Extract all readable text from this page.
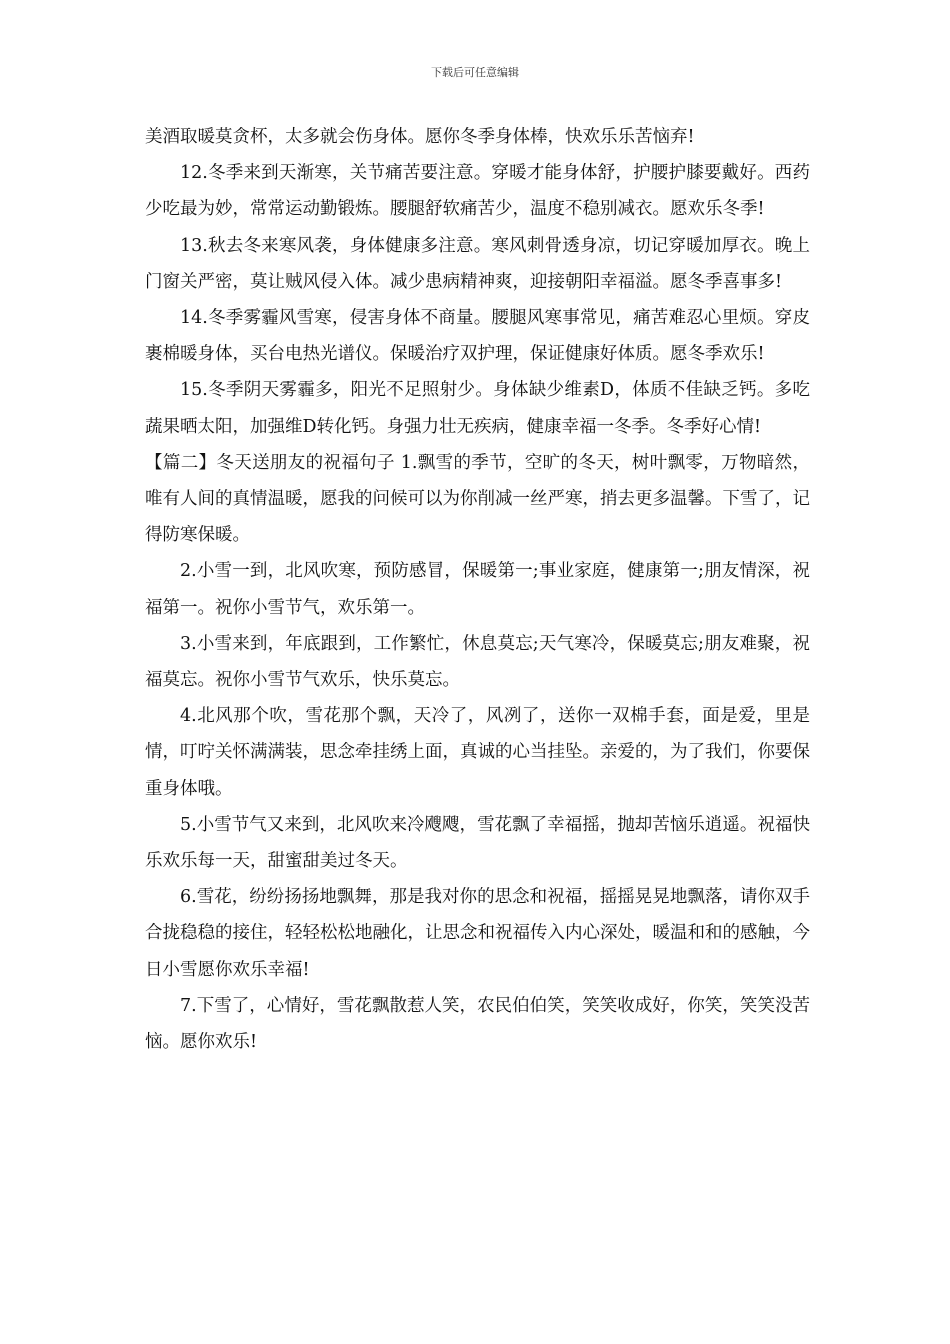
下载后可任意编辑

美酒取暖莫贪杯，太多就会伤身体。愿你冬季身体棒，快欢乐乐苦恼弃!

12.冬季来到天渐寒，关节痛苦要注意。穿暖才能身体舒，护腰护膝要戴好。西药少吃最为妙，常常运动勤锻炼。腰腿舒软痛苦少，温度不稳别减衣。愿欢乐冬季!

13.秋去冬来寒风袭，身体健康多注意。寒风刺骨透身凉，切记穿暖加厚衣。晚上门窗关严密，莫让贼风侵入体。减少患病精神爽，迎接朝阳幸福溢。愿冬季喜事多!

14.冬季雾霾风雪寒，侵害身体不商量。腰腿风寒事常见，痛苦难忍心里烦。穿皮裹棉暖身体，买台电热光谱仪。保暖治疗双护理，保证健康好体质。愿冬季欢乐!

15.冬季阴天雾霾多，阳光不足照射少。身体缺少维素D，体质不佳缺乏钙。多吃蔬果晒太阳，加强维D转化钙。身强力壮无疾病，健康幸福一冬季。冬季好心情!

【篇二】冬天送朋友的祝福句子 1.飘雪的季节，空旷的冬天，树叶飘零，万物暗然，唯有人间的真情温暖，愿我的问候可以为你削减一丝严寒，捎去更多温馨。下雪了，记得防寒保暖。

2.小雪一到，北风吹寒，预防感冒，保暖第一;事业家庭，健康第一;朋友情深，祝福第一。祝你小雪节气，欢乐第一。

3.小雪来到，年底跟到，工作繁忙，休息莫忘;天气寒冷，保暖莫忘;朋友难聚，祝福莫忘。祝你小雪节气欢乐，快乐莫忘。

4.北风那个吹，雪花那个飘，天冷了，风冽了，送你一双棉手套，面是爱，里是情，叮咛关怀满满装，思念牵挂绣上面，真诚的心当挂坠。亲爱的，为了我们，你要保重身体哦。

5.小雪节气又来到，北风吹来冷飕飕，雪花飘了幸福摇，抛却苦恼乐逍遥。祝福快乐欢乐每一天，甜蜜甜美过冬天。

6.雪花，纷纷扬扬地飘舞，那是我对你的思念和祝福，摇摇晃晃地飘落，请你双手合拢稳稳的接住，轻轻松松地融化，让思念和祝福传入内心深处，暖温和和的感触，今日小雪愿你欢乐幸福!

7.下雪了，心情好，雪花飘散惹人笑，农民伯伯笑，笑笑收成好，你笑，笑笑没苦恼。愿你欢乐!
